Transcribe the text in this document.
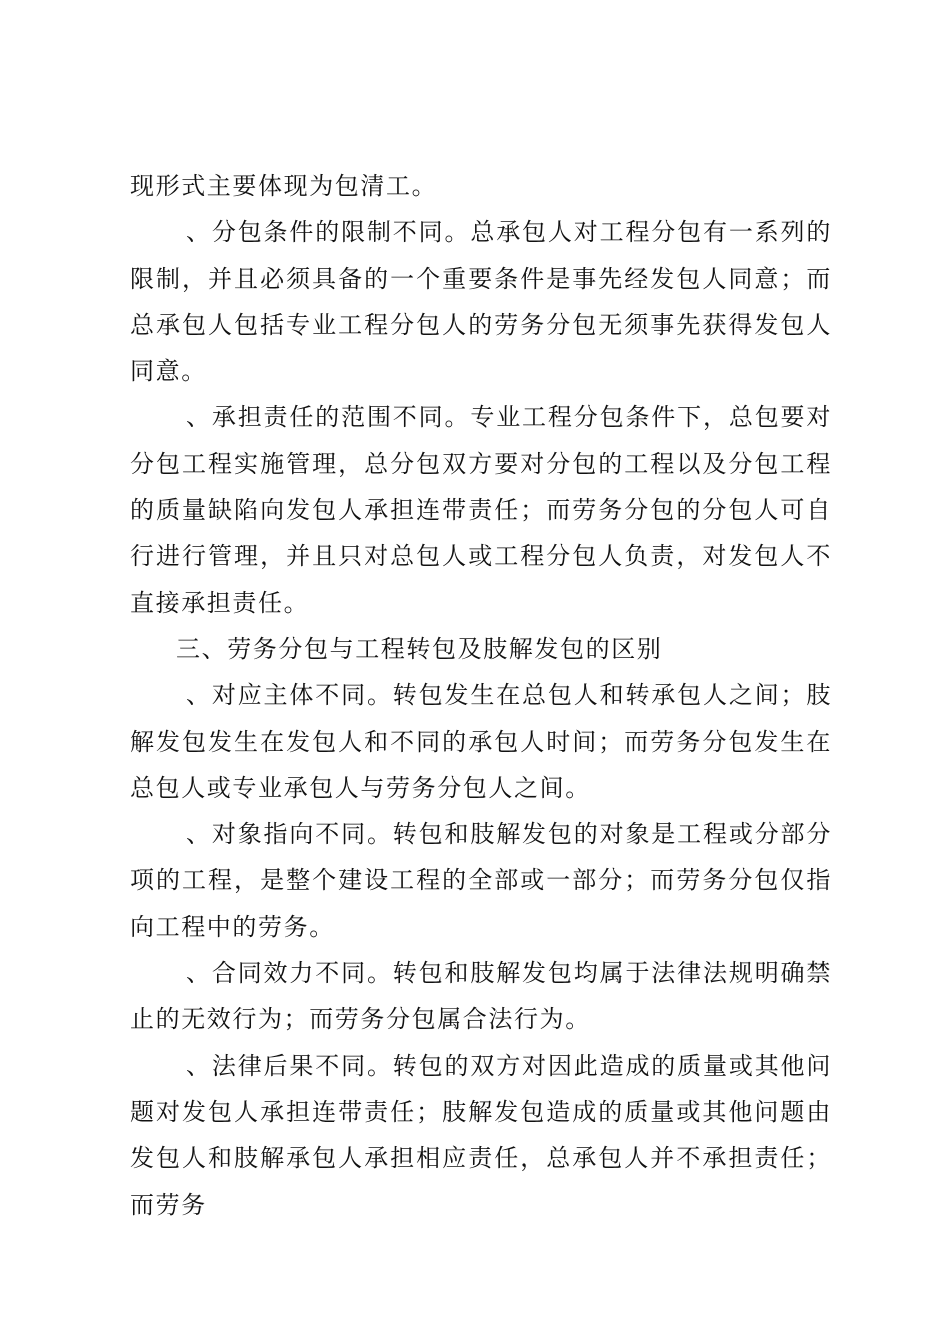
现形式主要体现为包清工。

、分包条件的限制不同。总承包人对工程分包有一系列的限制，并且必须具备的一个重要条件是事先经发包人同意；而总承包人包括专业工程分包人的劳务分包无须事先获得发包人同意。

、承担责任的范围不同。专业工程分包条件下，总包要对分包工程实施管理，总分包双方要对分包的工程以及分包工程的质量缺陷向发包人承担连带责任；而劳务分包的分包人可自行进行管理，并且只对总包人或工程分包人负责，对发包人不直接承担责任。

三、劳务分包与工程转包及肢解发包的区别

、对应主体不同。转包发生在总包人和转承包人之间；肢解发包发生在发包人和不同的承包人时间；而劳务分包发生在总包人或专业承包人与劳务分包人之间。

、对象指向不同。转包和肢解发包的对象是工程或分部分项的工程，是整个建设工程的全部或一部分；而劳务分包仅指向工程中的劳务。

、合同效力不同。转包和肢解发包均属于法律法规明确禁止的无效行为；而劳务分包属合法行为。

、法律后果不同。转包的双方对因此造成的质量或其他问题对发包人承担连带责任；肢解发包造成的质量或其他问题由发包人和肢解承包人承担相应责任，总承包人并不承担责任；而劳务
